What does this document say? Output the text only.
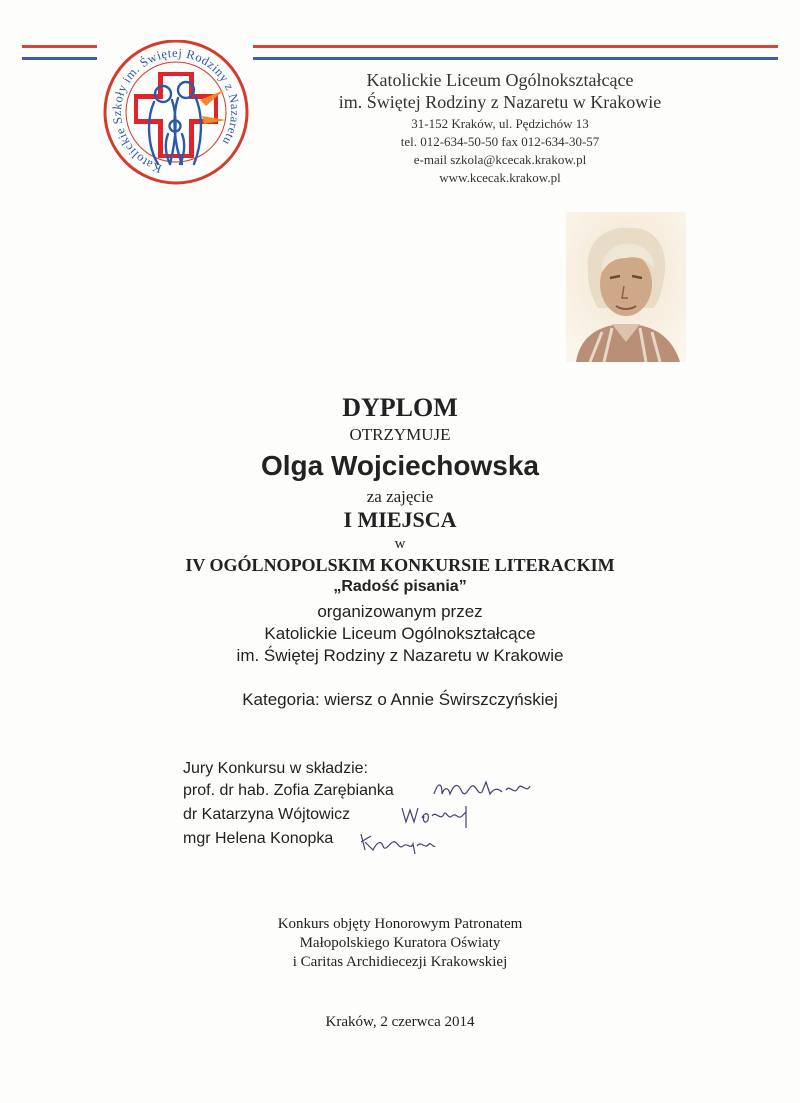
Katolickie Szkoły im. Świętej Rodziny z Nazaretu
Katolickie Liceum Ogólnokształcące
im. Świętej Rodziny z Nazaretu w Krakowie
31-152 Kraków, ul. Pędzichów 13
tel. 012-634-50-50 fax 012-634-30-57
e-mail szkola@kcecak.krakow.pl
www.kcecak.krakow.pl
DYPLOM
OTRZYMUJE
Olga Wojciechowska
za zajęcie
I MIEJSCA
w
IV OGÓLNOPOLSKIM KONKURSIE LITERACKIM
„Radość pisania”
organizowanym przez
Katolickie Liceum Ogólnokształcące
im. Świętej Rodziny z Nazaretu w Krakowie
Kategoria: wiersz o Annie Świrszczyńskiej
Jury Konkursu w składzie:
prof. dr hab. Zofia Zarębianka
dr Katarzyna Wójtowicz
mgr Helena Konopka
Konkurs objęty Honorowym Patronatem
Małopolskiego Kuratora Oświaty
i Caritas Archidiecezji Krakowskiej
Kraków, 2 czerwca 2014
